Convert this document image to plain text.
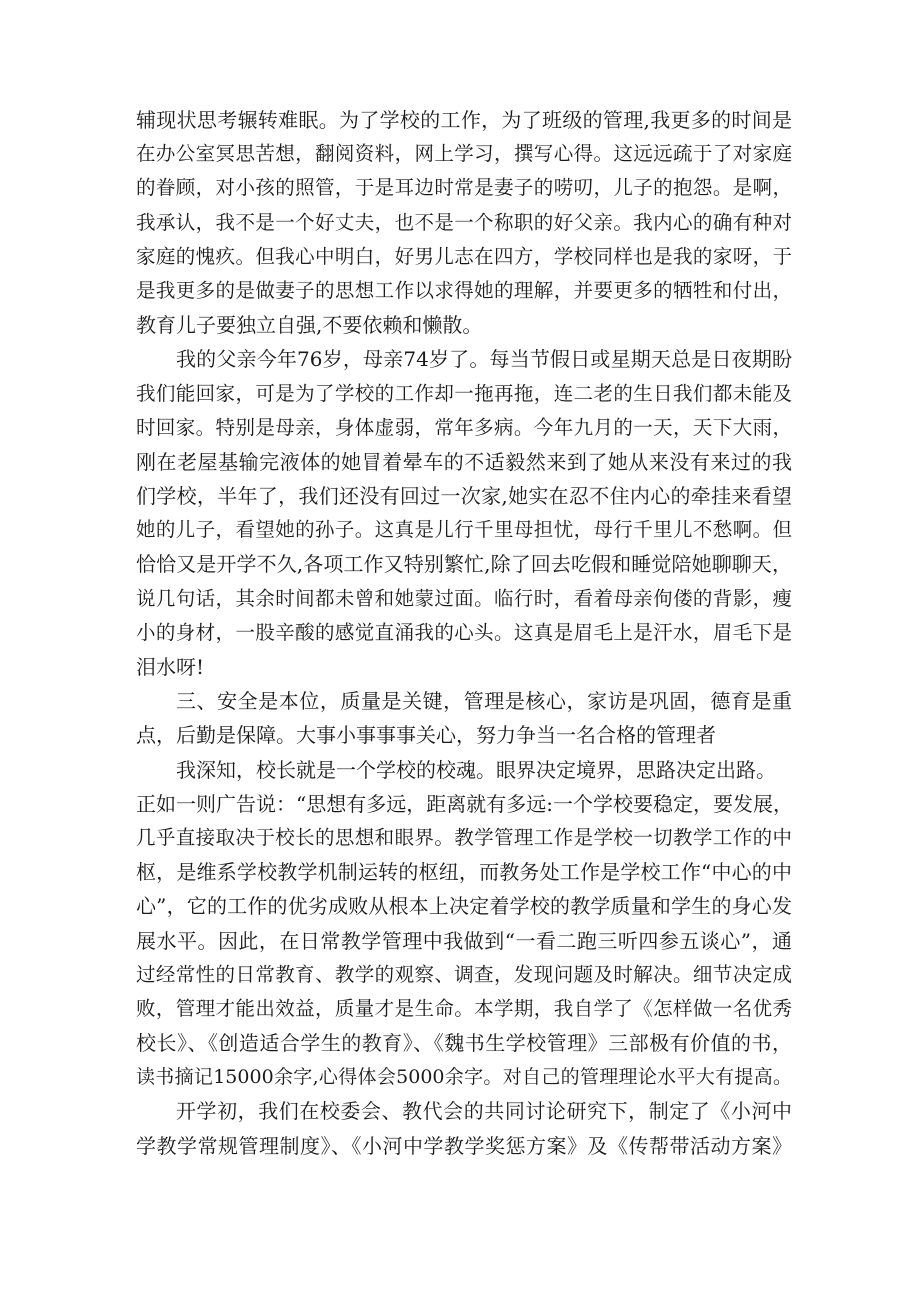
辅现状思考辗转难眠。为了学校的工作，为了班级的管理,我更多的时间是
在办公室冥思苦想，翻阅资料，网上学习，撰写心得。这远远疏于了对家庭
的眷顾，对小孩的照管，于是耳边时常是妻子的唠叨，儿子的抱怨。是啊，
我承认，我不是一个好丈夫，也不是一个称职的好父亲。我内心的确有种对
家庭的愧疚。但我心中明白，好男儿志在四方，学校同样也是我的家呀，于
是我更多的是做妻子的思想工作以求得她的理解，并要更多的牺牲和付出，
教育儿子要独立自强,不要依赖和懒散。
我的父亲今年76岁，母亲74岁了。每当节假日或星期天总是日夜期盼
我们能回家，可是为了学校的工作却一拖再拖，连二老的生日我们都未能及
时回家。特别是母亲，身体虚弱，常年多病。今年九月的一天，天下大雨，
刚在老屋基输完液体的她冒着晕车的不适毅然来到了她从来没有来过的我
们学校，半年了，我们还没有回过一次家,她实在忍不住内心的牵挂来看望
她的儿子，看望她的孙子。这真是儿行千里母担忧，母行千里儿不愁啊。但
恰恰又是开学不久,各项工作又特别繁忙,除了回去吃假和睡觉陪她聊聊天，
说几句话，其余时间都未曾和她蒙过面。临行时，看着母亲佝偻的背影，瘦
小的身材，一股辛酸的感觉直涌我的心头。这真是眉毛上是汗水，眉毛下是
泪水呀!
三、安全是本位，质量是关键，管理是核心，家访是巩固，德育是重
点，后勤是保障。大事小事事事关心，努力争当一名合格的管理者
我深知，校长就是一个学校的校魂。眼界决定境界，思路决定出路。
正如一则广告说：“思想有多远，距离就有多远:一个学校要稳定，要发展，
几乎直接取决于校长的思想和眼界。教学管理工作是学校一切教学工作的中
枢，是维系学校教学机制运转的枢纽，而教务处工作是学校工作“中心的中
心”，它的工作的优劣成败从根本上决定着学校的教学质量和学生的身心发
展水平。因此，在日常教学管理中我做到“一看二跑三听四参五谈心”，通
过经常性的日常教育、教学的观察、调查，发现问题及时解决。细节决定成
败，管理才能出效益，质量才是生命。本学期，我自学了《怎样做一名优秀
校长》、《创造适合学生的教育》、《魏书生学校管理》三部极有价值的书，
读书摘记15000余字,心得体会5000余字。对自己的管理理论水平大有提高。
开学初，我们在校委会、教代会的共同讨论研究下，制定了《小河中
学教学常规管理制度》、《小河中学教学奖惩方案》及《传帮带活动方案》
